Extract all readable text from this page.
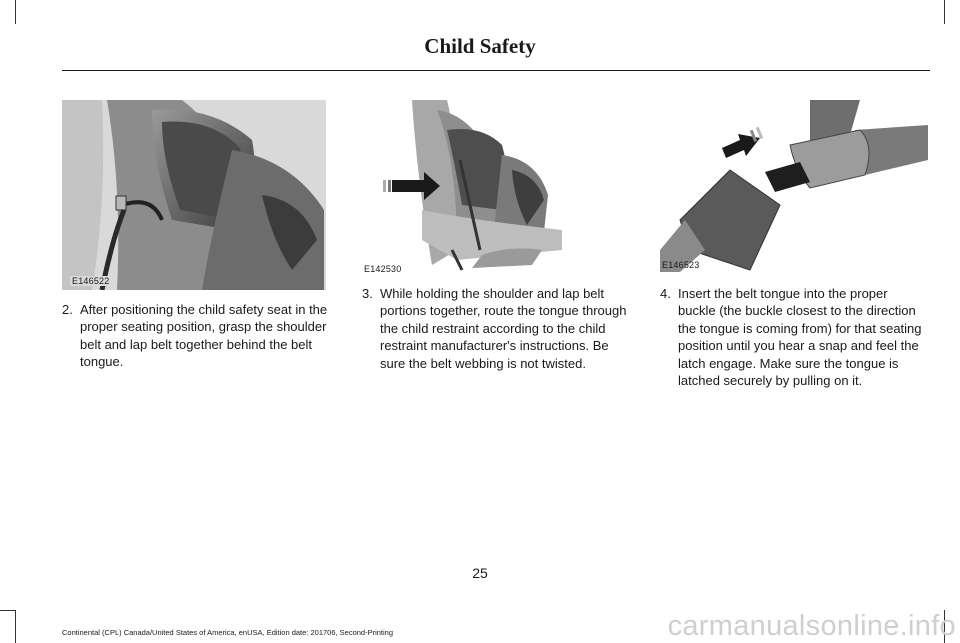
Child Safety
E146522
E142530	E146523
2. After positioning the child safety seat in the proper seating position, grasp the shoulder belt and lap belt together behind the belt tongue.
3. While holding the shoulder and lap belt portions together, route the tongue through the child restraint according to the child restraint manufacturer's instructions. Be sure the belt webbing is not twisted.
4. Insert the belt tongue into the proper buckle (the buckle closest to the direction the tongue is coming from) for that seating position until you hear a snap and feel the latch engage. Make sure the tongue is latched securely by pulling on it.
25
Continental (CPL) Canada/United States of America, enUSA, Edition date: 201706, Second-Printing	carmanualsonline.info
